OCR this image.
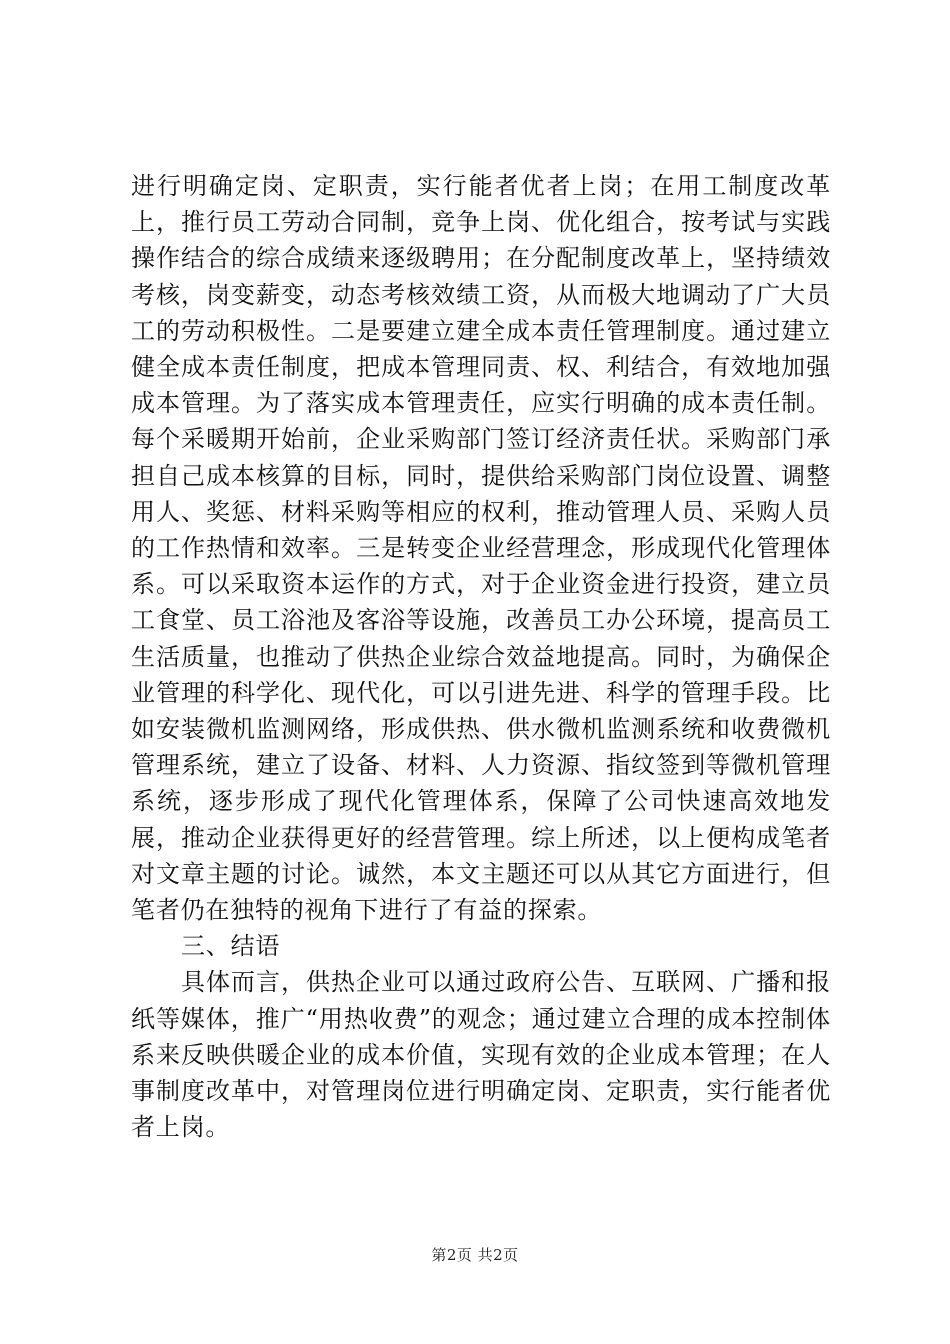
进行明确定岗、定职责，实行能者优者上岗；在用工制度改革上，推行员工劳动合同制，竞争上岗、优化组合，按考试与实践操作结合的综合成绩来逐级聘用；在分配制度改革上，坚持绩效考核，岗变薪变，动态考核效绩工资，从而极大地调动了广大员工的劳动积极性。二是要建立建全成本责任管理制度。通过建立健全成本责任制度，把成本管理同责、权、利结合，有效地加强成本管理。为了落实成本管理责任，应实行明确的成本责任制。每个采暖期开始前，企业采购部门签订经济责任状。采购部门承担自己成本核算的目标，同时，提供给采购部门岗位设置、调整用人、奖惩、材料采购等相应的权利，推动管理人员、采购人员的工作热情和效率。三是转变企业经营理念，形成现代化管理体系。可以采取资本运作的方式，对于企业资金进行投资，建立员工食堂、员工浴池及客浴等设施，改善员工办公环境，提高员工生活质量，也推动了供热企业综合效益地提高。同时，为确保企业管理的科学化、现代化，可以引进先进、科学的管理手段。比如安装微机监测网络，形成供热、供水微机监测系统和收费微机管理系统，建立了设备、材料、人力资源、指纹签到等微机管理系统，逐步形成了现代化管理体系，保障了公司快速高效地发展，推动企业获得更好的经营管理。综上所述，以上便构成笔者对文章主题的讨论。诚然，本文主题还可以从其它方面进行，但笔者仍在独特的视角下进行了有益的探索。

三、结语

具体而言，供热企业可以通过政府公告、互联网、广播和报纸等媒体，推广“用热收费”的观念；通过建立合理的成本控制体系来反映供暖企业的成本价值，实现有效的企业成本管理；在人事制度改革中，对管理岗位进行明确定岗、定职责，实行能者优者上岗。

第2页 共2页
